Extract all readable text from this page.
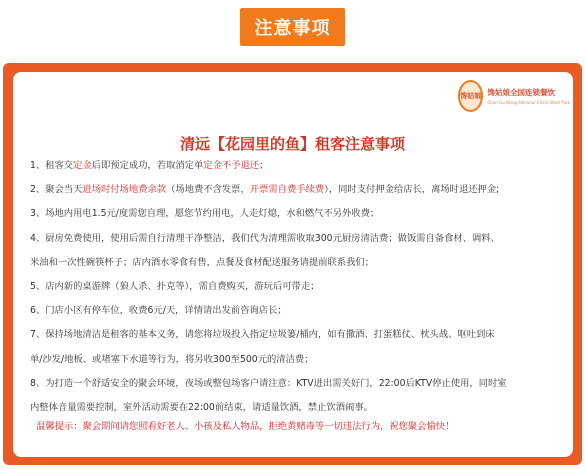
注意事项
馋姑娘 馋姑娘全国连锁餐饮
Chan Gu Niang National Chain Store Park
清远【花园里的鱼】租客注意事项
1、租客交定金后即预定成功，若取消定单定金不予退还；
2、聚会当天进场时付场地费余款（场地费不含发票，开票需自费手续费），同时支付押金给店长，离场时退还押金;
3、场地内用电1.5元/度需您自理，愿您节约用电，人走灯熄，水和燃气不另外收费；
4、厨房免费使用，使用后需自行清理干净整洁，我们代为清理需收取300元厨房清洁费；做饭需自备食材、调料、
米油和一次性碗筷杯子；店内酒水零食有售，点餐及食材配送服务请提前联系我们；
5、店内新的桌游牌（狼人杀、扑克等），需自费购买，游玩后可带走；
6、门店小区有停车位，收费6元/天，详情请出发前咨询店长；
7、保持场地清洁是租客的基本义务，请您将垃圾投入指定垃圾篓/桶内，如有撒酒、打蛋糕仗、枕头战、呕吐到床
单/沙发/地板、或堵塞下水道等行为，将另收300至500元的清洁费；
8、为打造一个舒适安全的聚会环境，夜场或整包场客户请注意：KTV进出需关好门，22:00后KTV停止使用，同时室
内整体音量需要控制，室外活动需要在22:00前结束，请适量饮酒，禁止饮酒闹事。
温馨提示：聚会期间请您照看好老人、小孩及私人物品，拒绝黄赌毒等一切违法行为，祝您聚会愉快！
